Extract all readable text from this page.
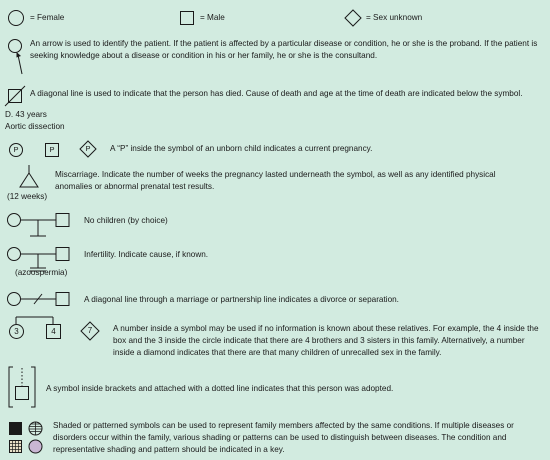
= Female	= Male	= Sex unknown
An arrow is used to identify the patient. If the patient is affected by a particular disease or condition, he or she is the proband. If the patient is seeking knowledge about a disease or condition in his or her family, he or she is the consultand.
A diagonal line is used to indicate that the person has died. Cause of death and age at the time of death are indicated below the symbol.
D. 43 years
Aortic dissection
P	P	P	A “P” inside the symbol of an unborn child indicates a current pregnancy.
(12 weeks)
Miscarriage. Indicate the number of weeks the pregnancy lasted underneath the symbol, as well as any identified physical anomalies or abnormal prenatal test results.
No children (by choice)
(azoospermia)
Infertility. Indicate cause, if known.
A diagonal line through a marriage or partnership line indicates a divorce or separation.
3	4	7	A number inside a symbol may be used if no information is known about these relatives. For example, the 4 inside the box and the 3 inside the circle indicate that there are 4 brothers and 3 sisters in this family. Alternatively, a number inside a diamond indicates that there are that many children of unrecalled sex in the family.
A symbol inside brackets and attached with a dotted line indicates that this person was adopted.
Shaded or patterned symbols can be used to represent family members affected by the same conditions. If multiple diseases or disorders occur within the family, various shading or patterns can be used to distinguish between diseases. The condition and representative shading and pattern should be indicated in a key.
